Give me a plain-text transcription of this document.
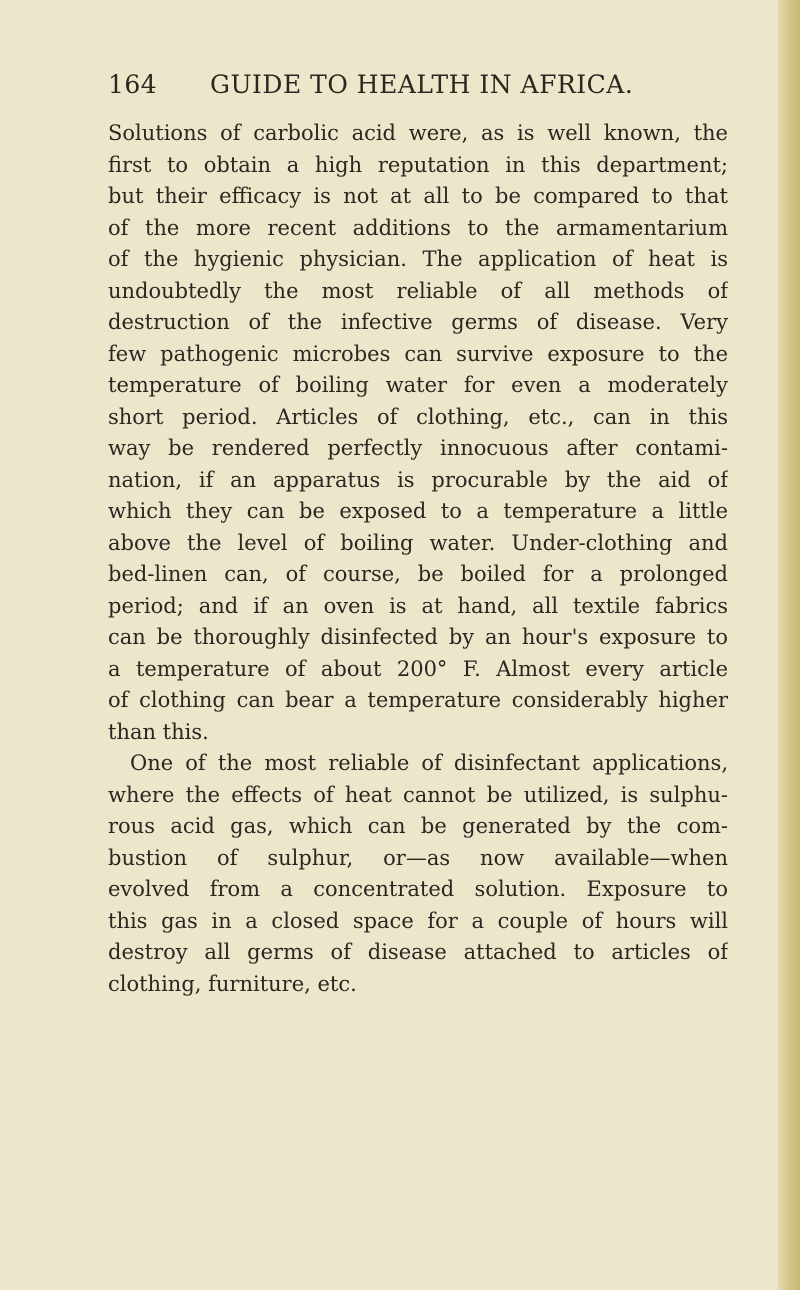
164 GUIDE TO HEALTH IN AFRICA.
Solutions of carbolic acid were, as is well known, the
first to obtain a high reputation in this department;
but their efficacy is not at all to be compared to that
of the more recent additions to the armamentarium
of the hygienic physician. The application of heat is
undoubtedly the most reliable of all methods of
destruction of the infective germs of disease. Very
few pathogenic microbes can survive exposure to the
temperature of boiling water for even a moderately
short period. Articles of clothing, etc., can in this
way be rendered perfectly innocuous after contami-
nation, if an apparatus is procurable by the aid of
which they can be exposed to a temperature a little
above the level of boiling water. Under-clothing and
bed-linen can, of course, be boiled for a prolonged
period; and if an oven is at hand, all textile fabrics
can be thoroughly disinfected by an hour's exposure to
a temperature of about 200° F. Almost every article
of clothing can bear a temperature considerably higher
than this.
One of the most reliable of disinfectant applications,
where the effects of heat cannot be utilized, is sulphu-
rous acid gas, which can be generated by the com-
bustion of sulphur, or—as now available—when
evolved from a concentrated solution. Exposure to
this gas in a closed space for a couple of hours will
destroy all germs of disease attached to articles of
clothing, furniture, etc.
